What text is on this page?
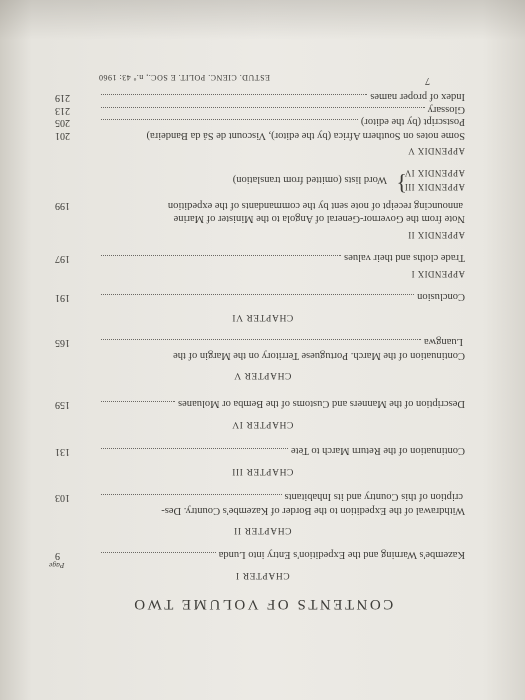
CONTENTS OF VOLUME TWO
Page
CHAPTER I
Kazembe's Warning and the Expedition's Entry into Lunda
9
CHAPTER II
Withdrawal of the Expedition to the Border of Kazembe's Country. Des-
cription of this Country and its Inhabitants
103
CHAPTER III
Continuation of the Return March to Tete
131
CHAPTER IV
Description of the Manners and Customs of the Bemba or Moluanes
159
CHAPTER V
Continuation of the March. Portuguese Territory on the Margin of the
Luangwa
165
CHAPTER VI
Conclusion
191
APPENDIX I
Trade cloths and their values
197
APPENDIX II
Note from the Governor-General of Angola to the Minister of Marine
announcing receipt of note sent by the commandants of the expedition
199
APPENDIX III
APPENDIX IV
}
Word lists (omitted from translation)
APPENDIX V
Some notes on Southern Africa (by the editor), Viscount de Sá da Bandeira)
201
Postscript (by the editor)
205
Glossary
213
Index of proper names
219
ESTUD. CIENC. POLIT. E SOC., n.º 43: 1960	7
